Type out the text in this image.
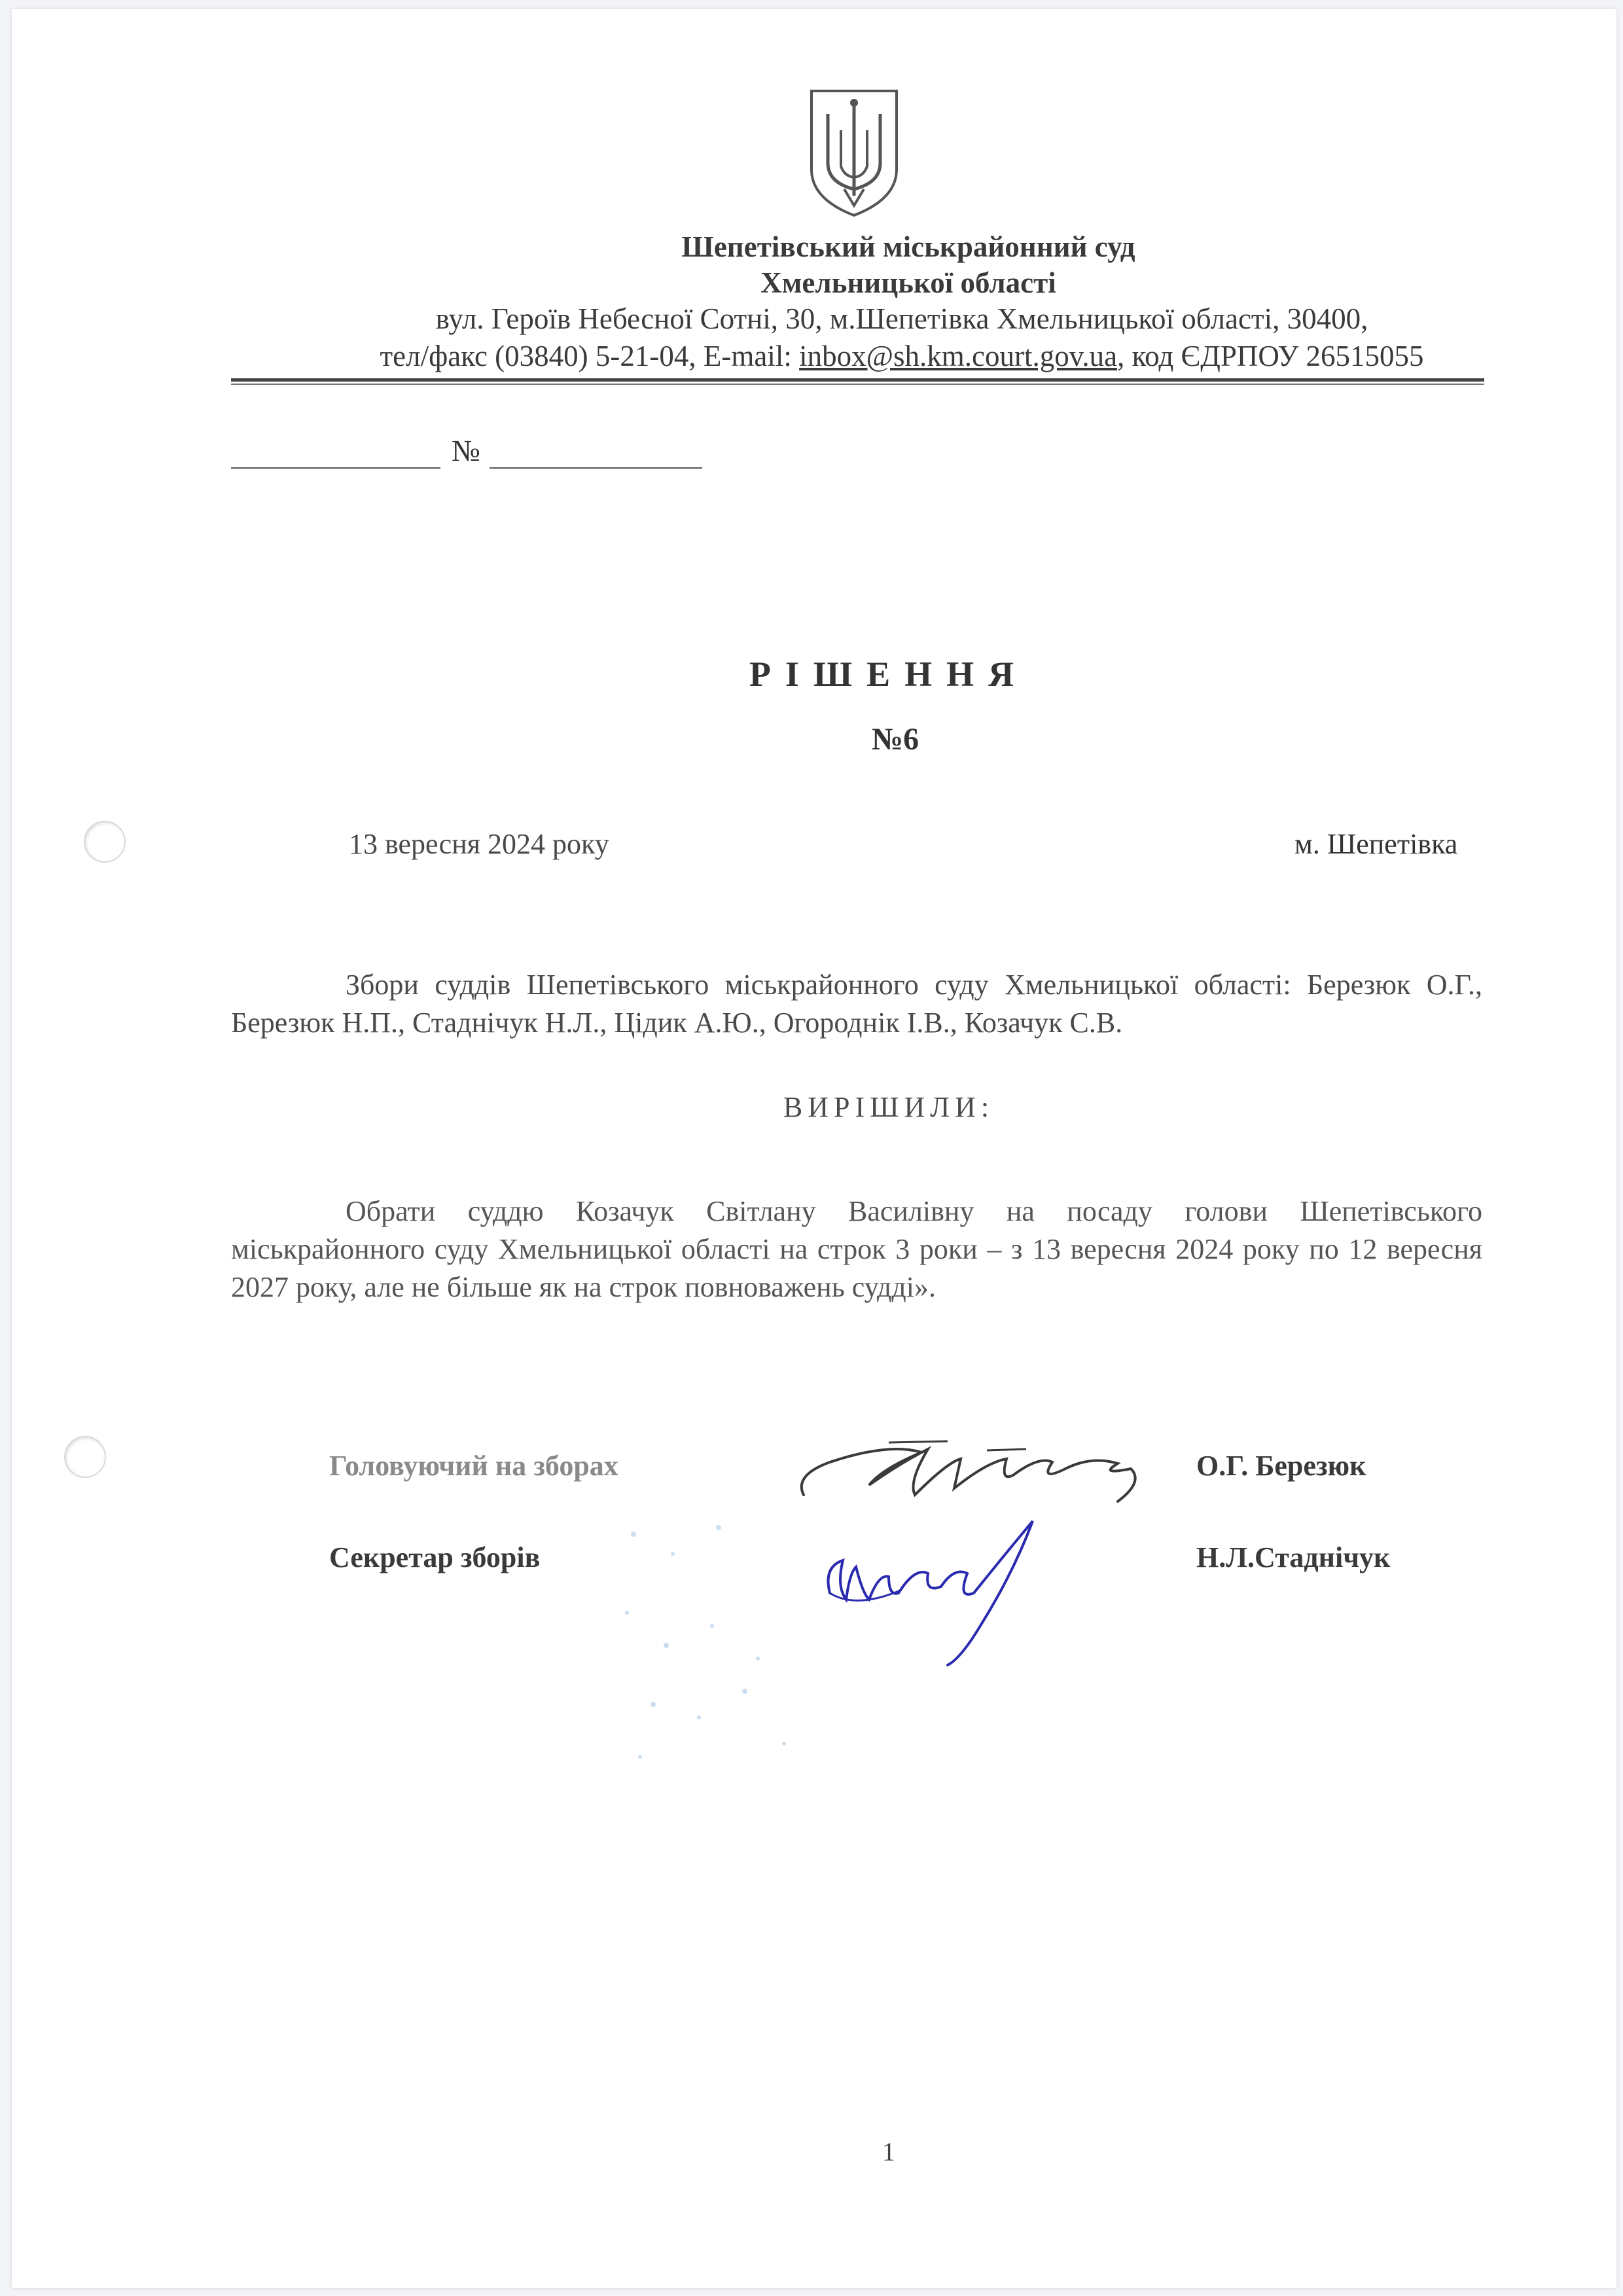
Шепетівський міськрайонний суд
Хмельницької області
вул. Героїв Небесної Сотні, 30, м.Шепетівка Хмельницької області, 30400,
тел/факс (03840) 5-21-04, E-mail: inbox@sh.km.court.gov.ua, код ЄДРПОУ 26515055
№
РІШЕННЯ
№6
13 вересня 2024 року	м. Шепетівка
Збори суддів Шепетівського міськрайонного суду Хмельницької області: Березюк О.Г., Березюк Н.П., Стаднічук Н.Л., Цідик А.Ю., Огороднік І.В., Козачук С.В.
ВИРІШИЛИ:
Обрати суддю Козачук Світлану Василівну на посаду голови Шепетівського міськрайонного суду Хмельницької області на строк 3 роки – з 13 вересня 2024 року по 12 вересня 2027 року, але не більше як на строк повноважень судді».
Головуючий на зборах	О.Г. Березюк
Секретар зборів	Н.Л.Стаднічук
1
